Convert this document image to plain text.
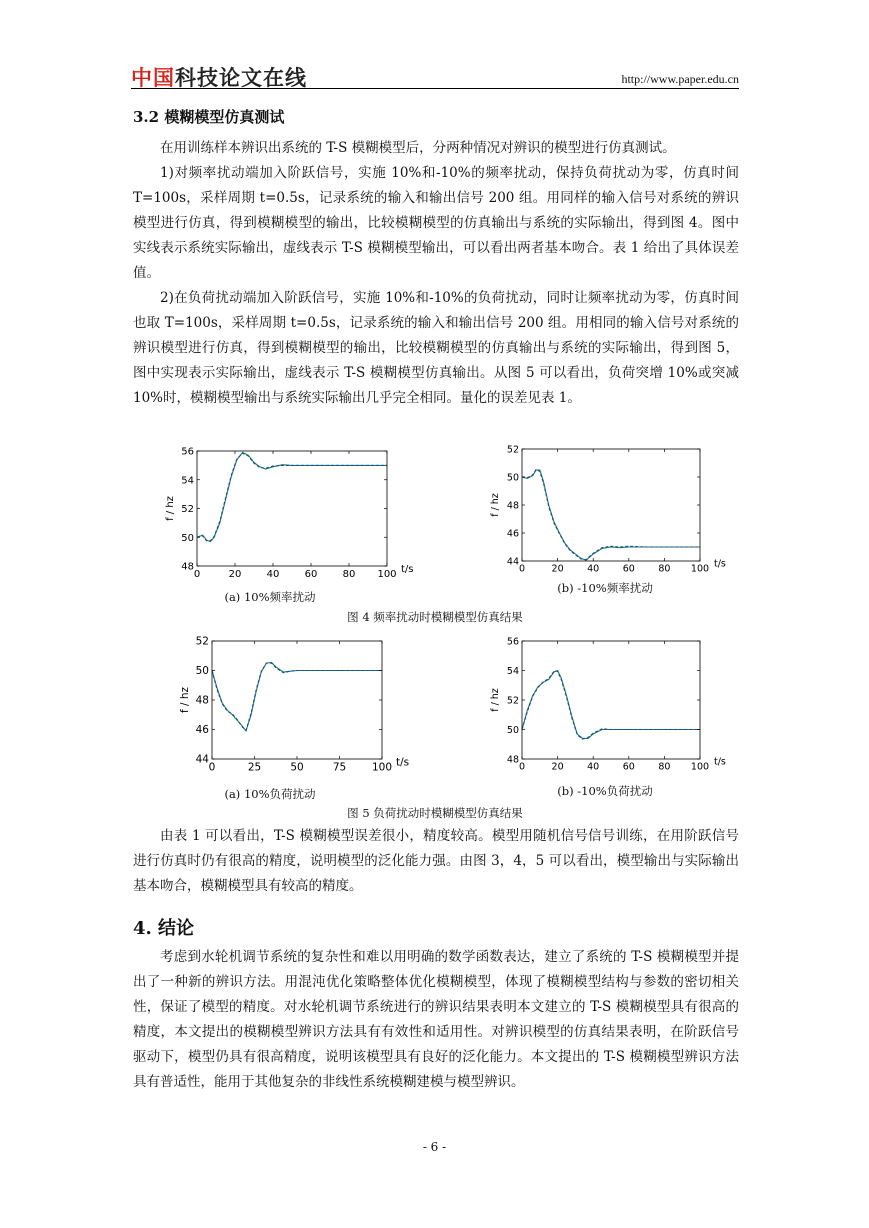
中国科技论文在线	http://www.paper.edu.cn
3.2 模糊模型仿真测试

在用训练样本辨识出系统的 T-S 模糊模型后，分两种情况对辨识的模型进行仿真测试。

1)对频率扰动端加入阶跃信号，实施 10%和-10%的频率扰动，保持负荷扰动为零，仿真时间 T=100s，采样周期 t=0.5s，记录系统的输入和输出信号 200 组。用同样的输入信号对系统的辨识模型进行仿真，得到模糊模型的输出，比较模糊模型的仿真输出与系统的实际输出，得到图 4。图中实线表示系统实际输出，虚线表示 T-S 模糊模型输出，可以看出两者基本吻合。表 1 给出了具体误差值。

2)在负荷扰动端加入阶跃信号，实施 10%和-10%的负荷扰动，同时让频率扰动为零，仿真时间也取 T=100s，采样周期 t=0.5s，记录系统的输入和输出信号 200 组。用相同的输入信号对系统的辨识模型进行仿真，得到模糊模型的输出，比较模糊模型的仿真输出与系统的实际输出，得到图 5，图中实现表示实际输出，虚线表示 T-S 模糊模型仿真输出。从图 5 可以看出，负荷突增 10%或突减 10%时，模糊模型输出与系统实际输出几乎完全相同。量化的误差见表 1。

0	20	40	60	80 100
48
50
52
54
56
t/s
f / hz
0	20 40 60 80 100
44
46
48
50
52
t/s
f / hz
(a) 10%频率扰动
(b) -10%频率扰动
图 4 频率扰动时模糊模型仿真结果
0	25	50	75 100
44
46
48
50
52
t/s
f / hz
0	20 40 60 80 100
48
50
52
54
56
t/s
f / hz
(a) 10%负荷扰动	(b) -10%负荷扰动
图 5 负荷扰动时模糊模型仿真结果

由表 1 可以看出，T-S 模糊模型误差很小，精度较高。模型用随机信号信号训练，在用阶跃信号进行仿真时仍有很高的精度，说明模型的泛化能力强。由图 3，4，5 可以看出，模型输出与实际输出基本吻合，模糊模型具有较高的精度。

4. 结论

考虑到水轮机调节系统的复杂性和难以用明确的数学函数表达，建立了系统的 T-S 模糊模型并提出了一种新的辨识方法。用混沌优化策略整体优化模糊模型，体现了模糊模型结构与参数的密切相关性，保证了模型的精度。对水轮机调节系统进行的辨识结果表明本文建立的 T-S 模糊模型具有很高的精度，本文提出的模糊模型辨识方法具有有效性和适用性。对辨识模型的仿真结果表明，在阶跃信号驱动下，模型仍具有很高精度，说明该模型具有良好的泛化能力。本文提出的 T-S 模糊模型辨识方法具有普适性，能用于其他复杂的非线性系统模糊建模与模型辨识。

- 6 -
